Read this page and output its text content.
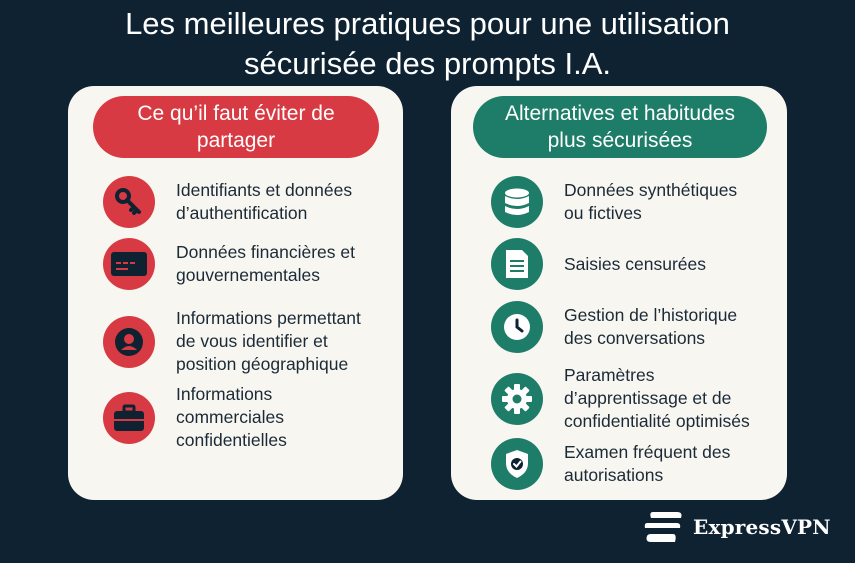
Les meilleures pratiques pour une utilisation
sécurisée des prompts I.A.
Ce qu’il faut éviter de
partager
Identifiants et données
d’authentification
Données financières et
gouvernementales
Informations permettant
de vous identifier et
position géographique
Informations
commerciales
confidentielles
Alternatives et habitudes
plus sécurisées
Données synthétiques
ou fictives
Saisies censurées
Gestion de l’historique
des conversations
Paramètres
d’apprentissage et de
confidentialité optimisés
Examen fréquent des
autorisations
ExpressVPN
